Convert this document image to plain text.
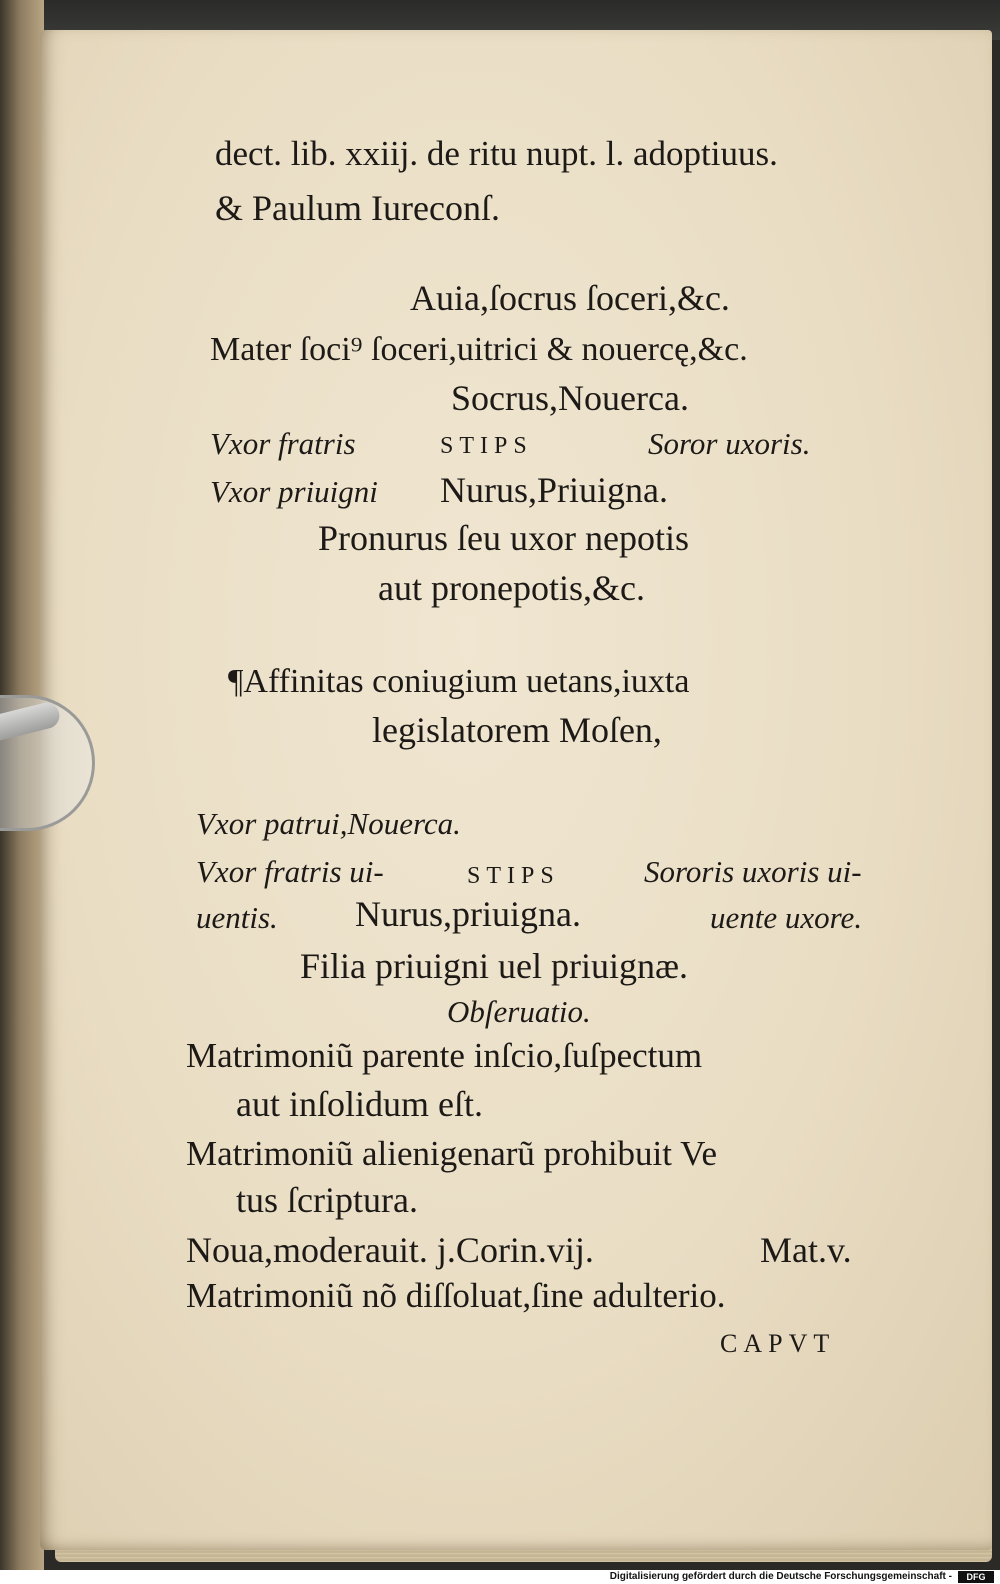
dect. lib. xxiij. de ritu nupt. l. adoptiuus.
& Paulum Iureconſ.
Auia,ſocrus ſoceri,&c.
Mater ſoci⁹ ſoceri,uitrici & nouercę,&c.
Socrus,Nouerca.
Vxor fratris	STIPS	Soror uxoris.
Vxor priuigni Nurus,Priuigna.
Pronurus ſeu uxor nepotis
aut pronepotis,&c.
¶Affinitas coniugium uetans,iuxta
legislatorem Moſen,
Vxor patrui,Nouerca.
Vxor fratris ui-	STIPS	Sororis uxoris ui-
uentis. Nurus,priuigna.	uente uxore.
Filia priuigni uel priuignæ.
Obſeruatio.
Matrimoniũ parente inſcio,ſuſpectum
aut inſolidum eſt.
Matrimoniũ alienigenarũ prohibuit Ve
tus ſcriptura.
Noua,moderauit. j.Corin.vij.	Mat.v.
Matrimoniũ nõ diſſoluat,ſine adulterio.
CAPVT
Digitalisierung gefördert durch die Deutsche Forschungsgemeinschaft -	DFG
